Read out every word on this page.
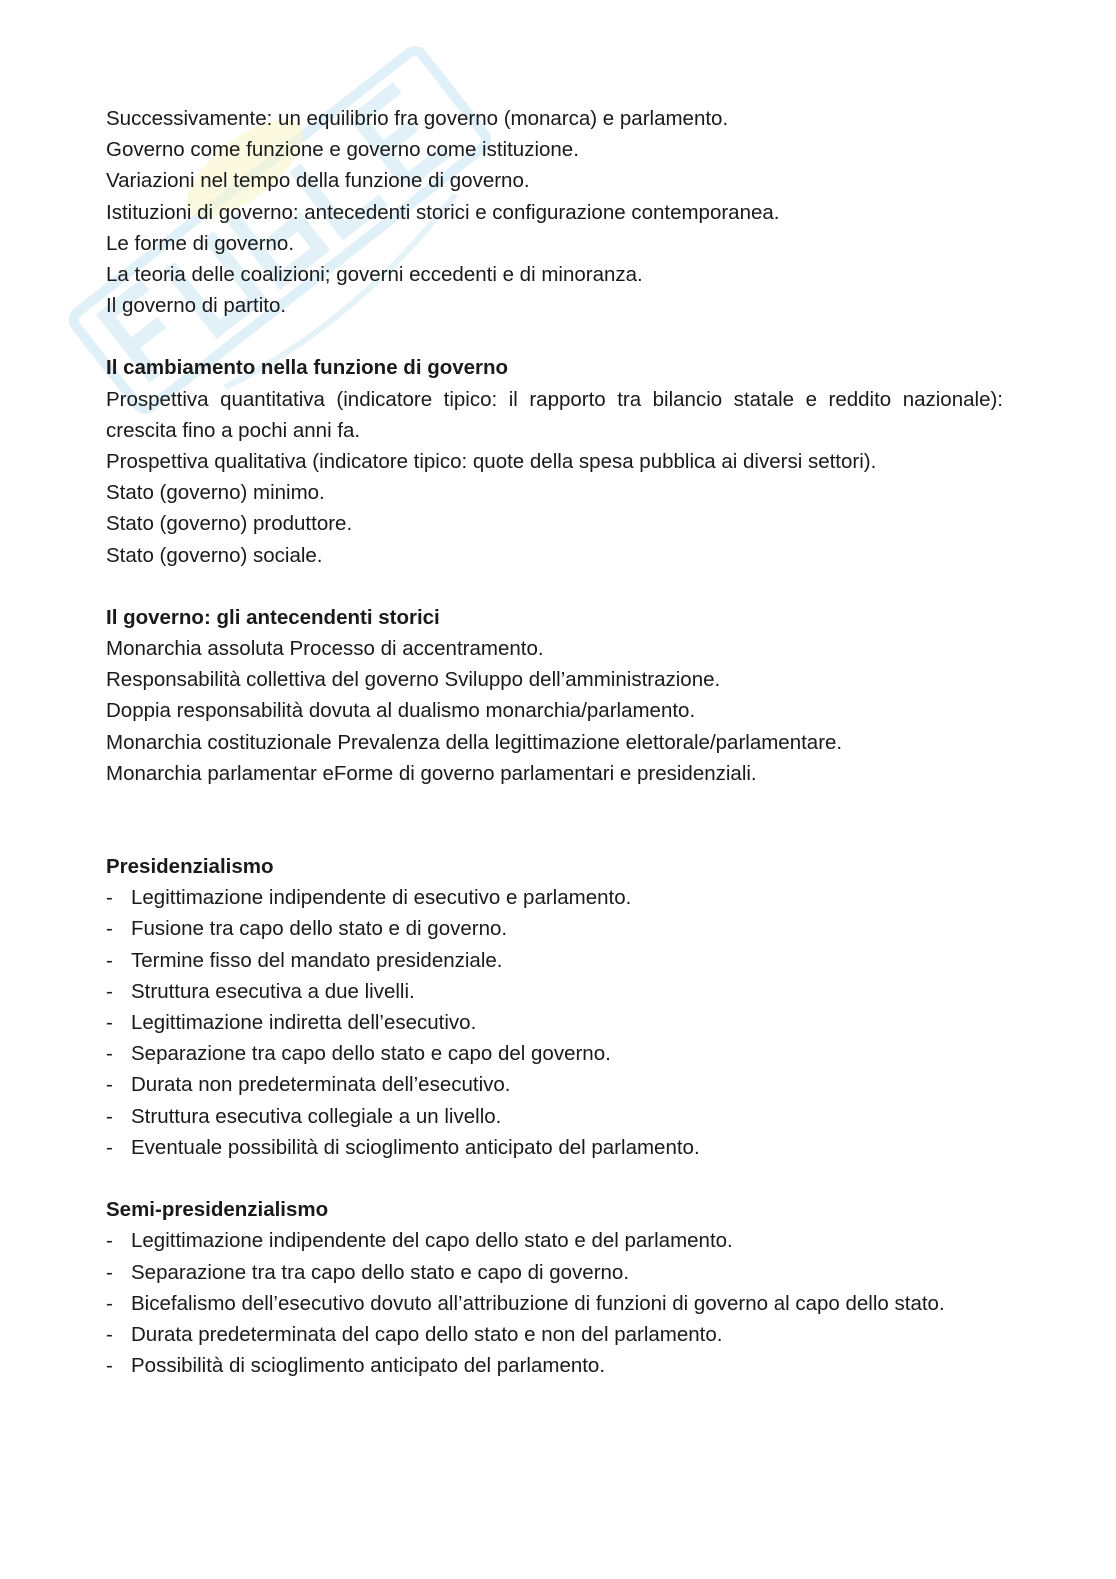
Successivamente: un equilibrio fra governo (monarca) e parlamento.

Governo come funzione e governo come istituzione.

Variazioni nel tempo della funzione di governo.

Istituzioni di governo: antecedenti storici e configurazione contemporanea.

Le forme di governo.

La teoria delle coalizioni; governi eccedenti e di minoranza.

Il governo di partito.

Il cambiamento nella funzione di governo

Prospettiva quantitativa (indicatore tipico: il rapporto tra bilancio statale e reddito nazionale): crescita fino a pochi anni fa.

Prospettiva qualitativa (indicatore tipico: quote della spesa pubblica ai diversi settori).

Stato (governo) minimo.

Stato (governo) produttore.

Stato (governo) sociale.

Il governo: gli antecendenti storici

Monarchia assoluta Processo di accentramento.

Responsabilità collettiva del governo Sviluppo dell’amministrazione.

Doppia responsabilità dovuta al dualismo monarchia/parlamento.

Monarchia costituzionale Prevalenza della legittimazione elettorale/parlamentare.

Monarchia parlamentar eForme di governo parlamentari e presidenziali.

Presidenzialismo

- Legittimazione indipendente di esecutivo e parlamento.
- Fusione tra capo dello stato e di governo.
- Termine fisso del mandato presidenziale.
- Struttura esecutiva a due livelli.
- Legittimazione indiretta dell’esecutivo.
- Separazione tra capo dello stato e capo del governo.
- Durata non predeterminata dell’esecutivo.
- Struttura esecutiva collegiale a un livello.
- Eventuale possibilità di scioglimento anticipato del parlamento.

Semi-presidenzialismo

- Legittimazione indipendente del capo dello stato e del parlamento.
- Separazione tra tra capo dello stato e capo di governo.
- Bicefalismo dell’esecutivo dovuto all’attribuzione di funzioni di governo al capo dello stato.
- Durata predeterminata del capo dello stato e non del parlamento.
- Possibilità di scioglimento anticipato del parlamento.
